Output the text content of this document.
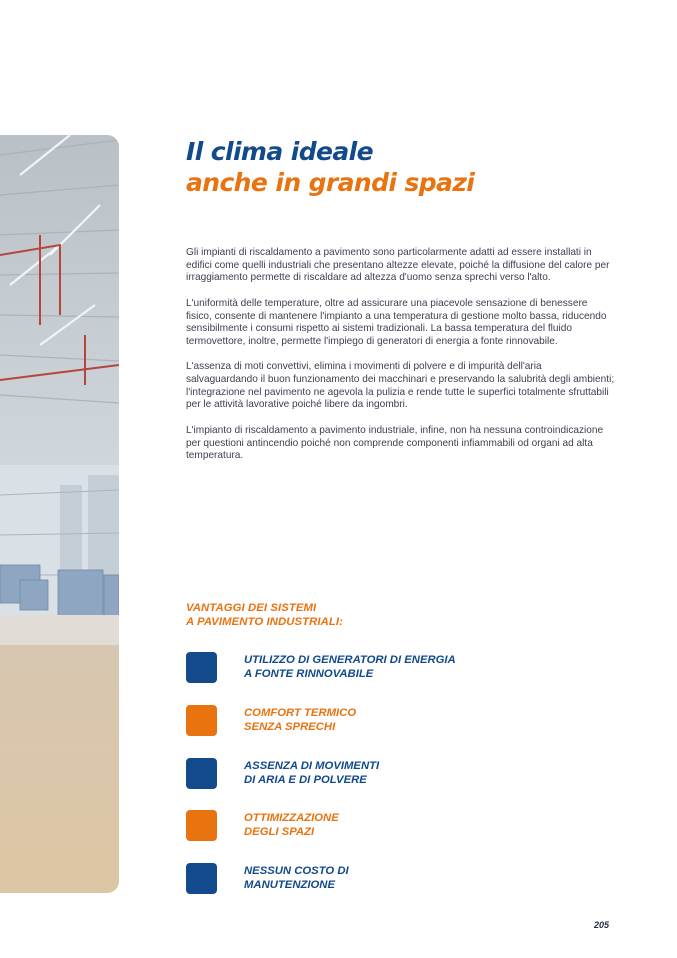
Il clima ideale
anche in grandi spazi

Gli impianti di riscaldamento a pavimento sono particolarmente adatti ad essere installati in edifici come quelli industriali che presentano altezze elevate, poiché la diffusione del calore per irraggiamento permette di riscaldare ad altezza d'uomo senza sprechi verso l'alto.

L'uniformità delle temperature, oltre ad assicurare una piacevole sensazione di benessere fisico, consente di mantenere l'impianto a una temperatura di gestione molto bassa, riducendo sensibilmente i consumi rispetto ai sistemi tradizionali. La bassa temperatura del fluido termovettore, inoltre, permette l'impiego di generatori di energia a fonte rinnovabile.

L'assenza di moti convettivi, elimina i movimenti di polvere e di impurità dell'aria salvaguardando il buon funzionamento dei macchinari e preservando la salubrità degli ambienti; l'integrazione nel pavimento ne agevola la pulizia e rende tutte le superfici totalmente sfruttabili per le attività lavorative poiché libere da ingombri.

L'impianto di riscaldamento a pavimento industriale, infine, non ha nessuna controindicazione per questioni antincendio poiché non comprende componenti infiammabili od organi ad alta temperatura.

VANTAGGI DEI SISTEMI
A PAVIMENTO INDUSTRIALI:
UTILIZZO DI GENERATORI DI ENERGIA
A FONTE RINNOVABILE
COMFORT TERMICO
SENZA SPRECHI
ASSENZA DI MOVIMENTI
DI ARIA E DI POLVERE
OTTIMIZZAZIONE
DEGLI SPAZI
NESSUN COSTO DI
MANUTENZIONE
205
